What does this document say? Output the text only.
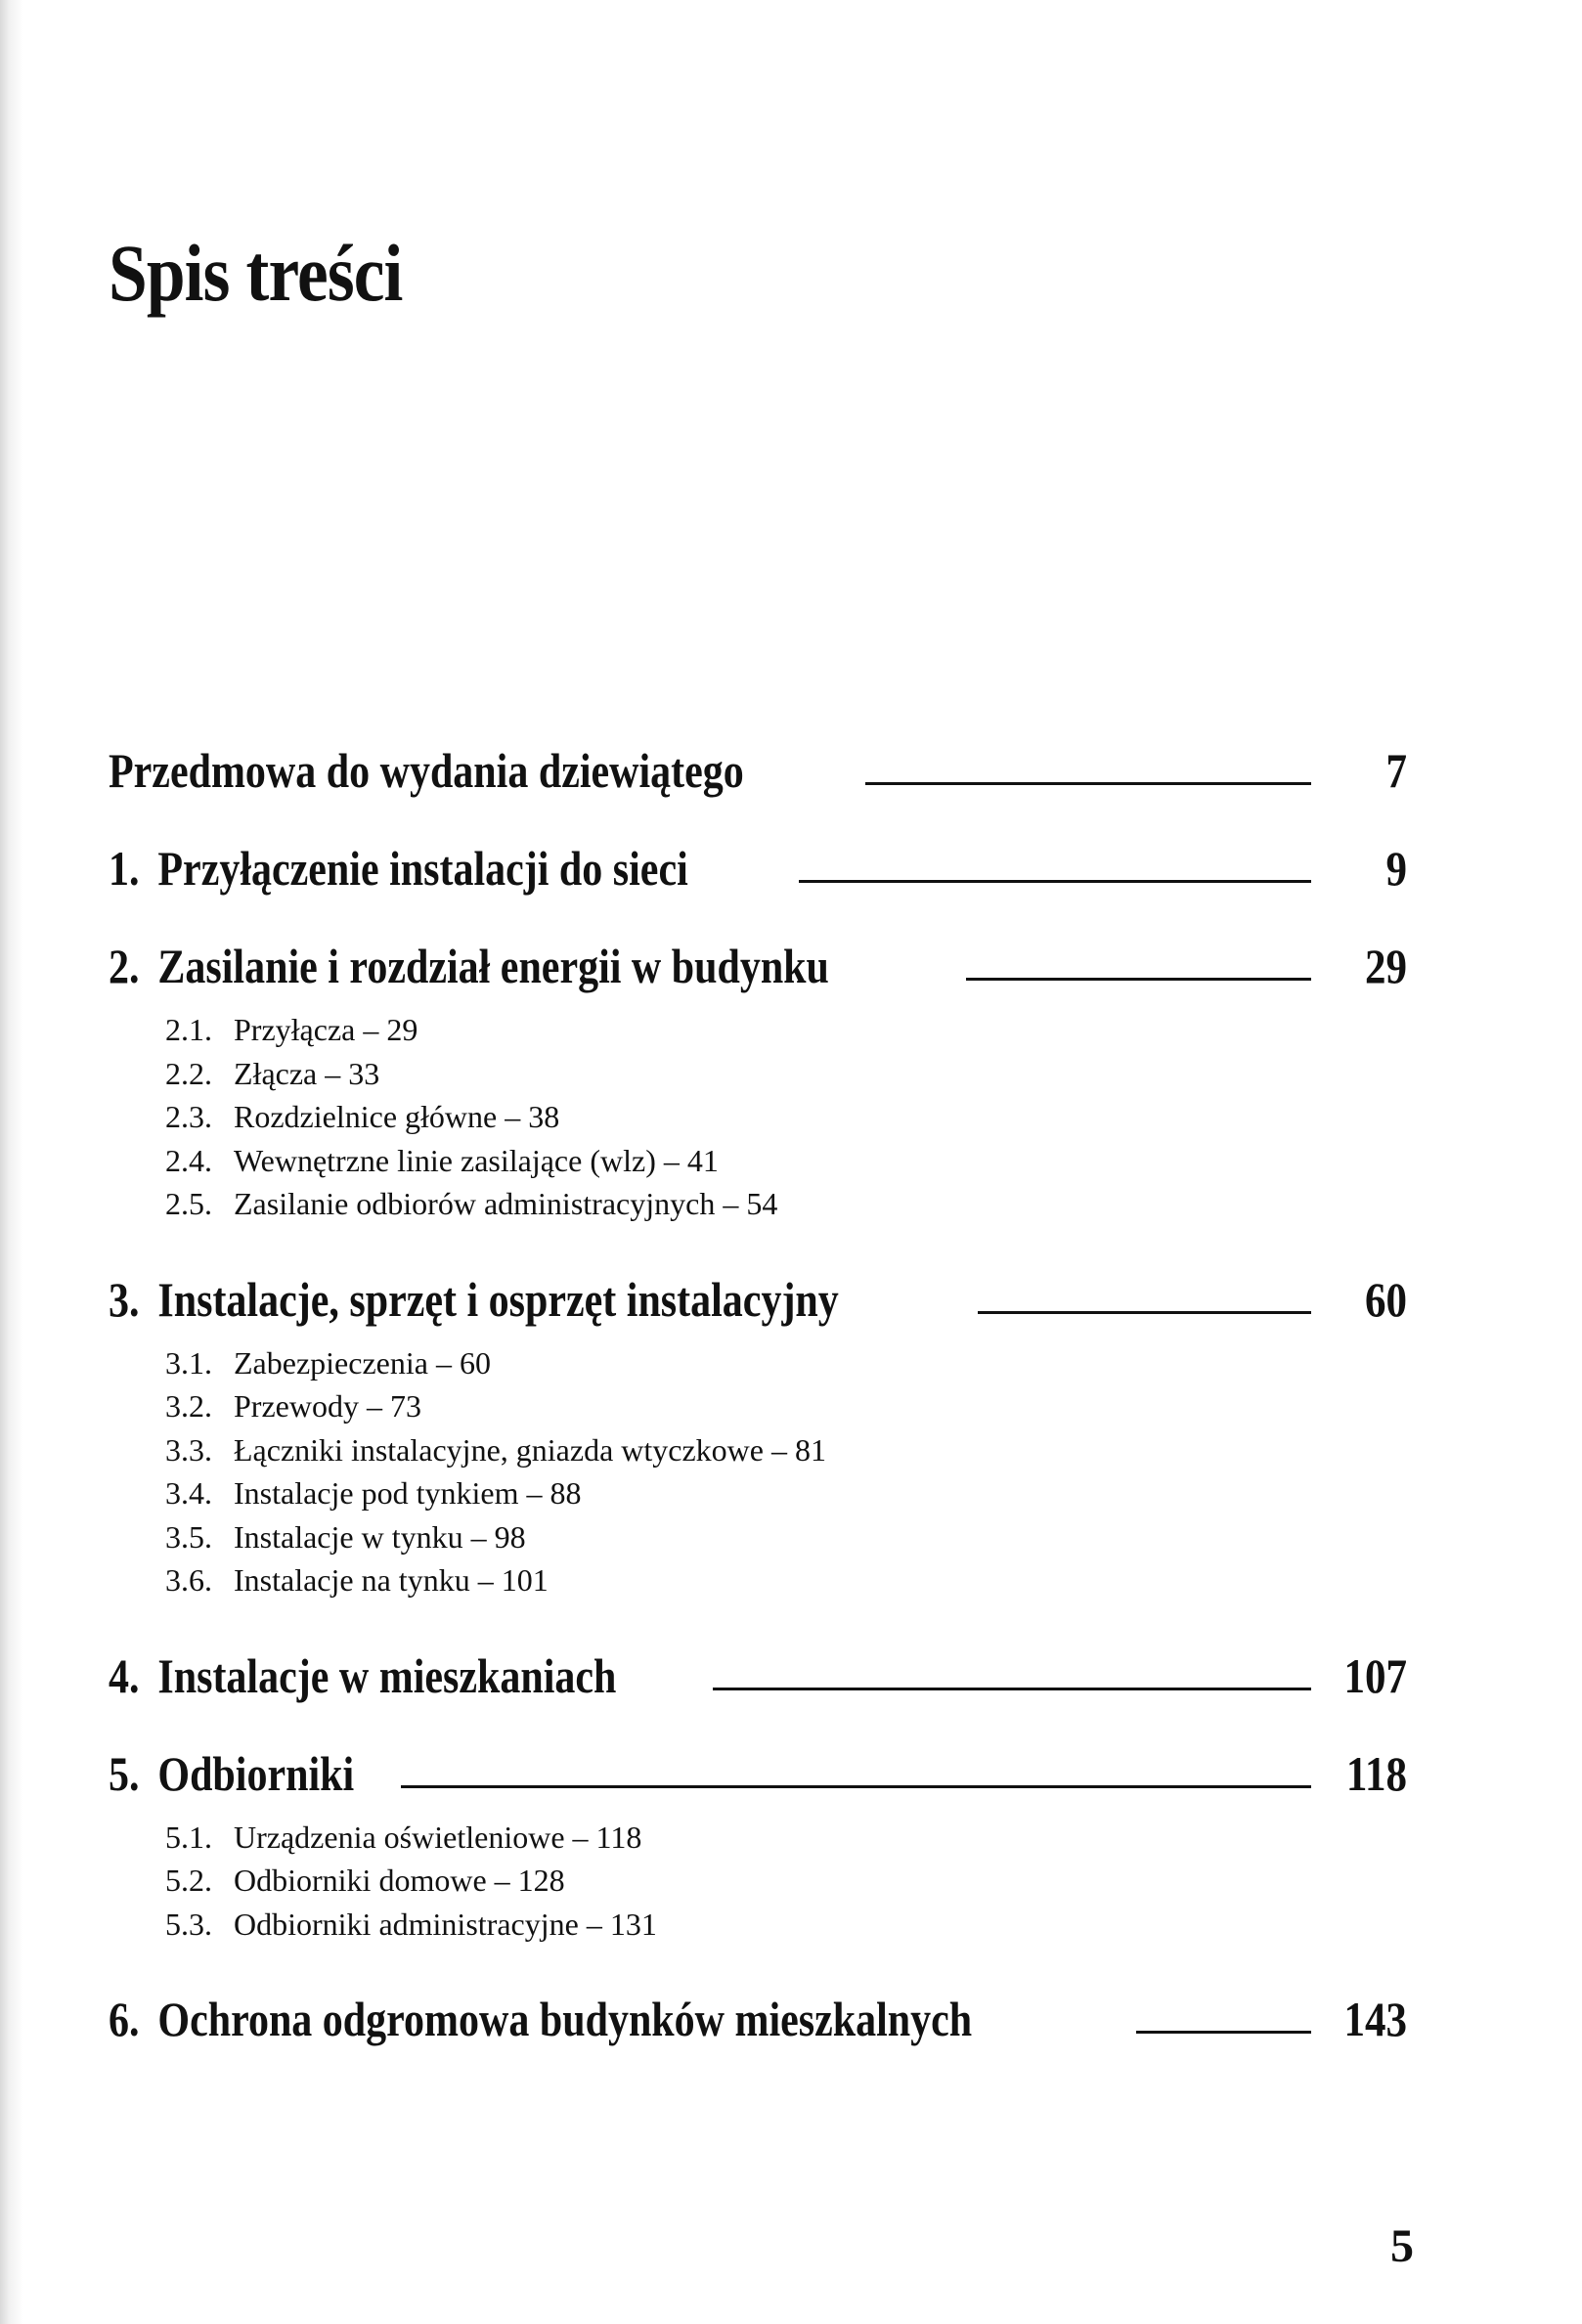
Spis treści
Przedmowa do wydania dziewiątego	7
1. Przyłączenie instalacji do sieci	9
2. Zasilanie i rozdział energii w budynku	29
2.1. Przyłącza – 29
2.2. Złącza – 33
2.3. Rozdzielnice główne – 38
2.4. Wewnętrzne linie zasilające (wlz) – 41
2.5. Zasilanie odbiorów administracyjnych – 54
3. Instalacje, sprzęt i osprzęt instalacyjny	60
3.1. Zabezpieczenia – 60
3.2. Przewody – 73
3.3. Łączniki instalacyjne, gniazda wtyczkowe – 81
3.4. Instalacje pod tynkiem – 88
3.5. Instalacje w tynku – 98
3.6. Instalacje na tynku – 101
4. Instalacje w mieszkaniach	107
5. Odbiorniki	118
5.1. Urządzenia oświetleniowe – 118
5.2. Odbiorniki domowe – 128
5.3. Odbiorniki administracyjne – 131
6. Ochrona odgromowa budynków mieszkalnych	143
5
